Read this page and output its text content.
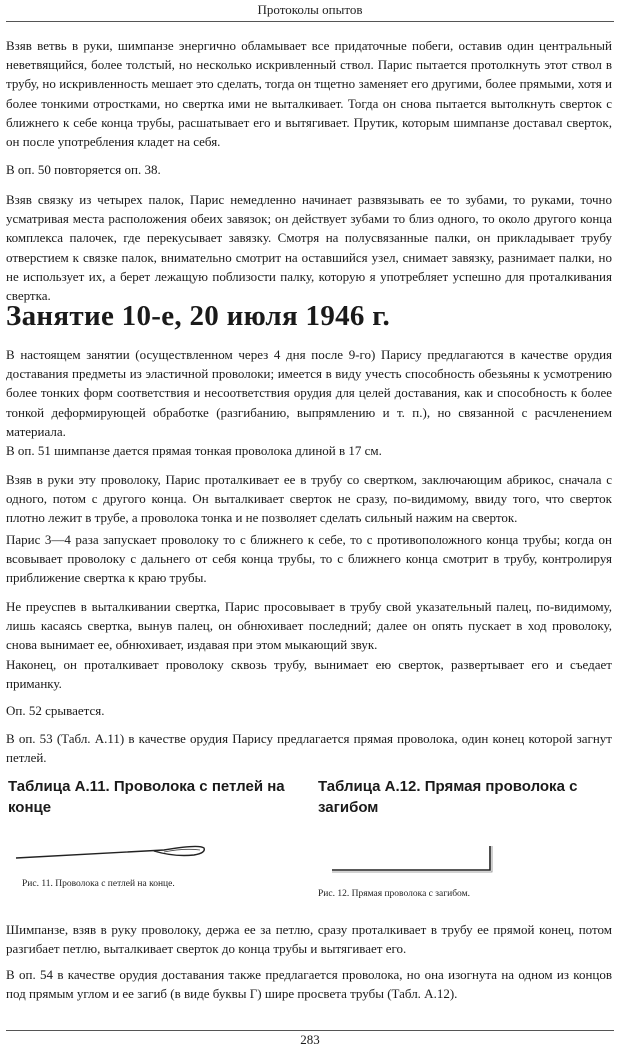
Протоколы опытов

Взяв ветвь в руки, шимпанзе энергично обламывает все придаточные побеги, оставив один центральный неветвящийся, более толстый, но несколько искривленный ствол. Парис пытается протолкнуть этот ствол в трубу, но искривленность мешает это сделать, тогда он тщетно заменяет его другими, более прямыми, хотя и более тонкими отростками, но свертка ими не выталкивает. Тогда он снова пытается вытолкнуть сверток с ближнего к себе конца трубы, расшатывает его и вытягивает. Прутик, которым шимпанзе доставал сверток, он после употребления кладет на себя.

В оп. 50 повторяется оп. 38.

Взяв связку из четырех палок, Парис немедленно начинает развязывать ее то зубами, то руками, точно усматривая места расположения обеих завязок; он действует зубами то близ одного, то около другого конца комплекса палочек, где перекусывает завязку. Смотря на полусвязанные палки, он прикладывает трубу отверстием к связке палок, внимательно смотрит на оставшийся узел, снимает завязку, разнимает палки, но не использует их, а берет лежащую поблизости палку, которую я употребляет успешно для проталкивания свертка.

Занятие 10-е, 20 июля 1946 г.

В настоящем занятии (осуществленном через 4 дня после 9-го) Парису предлагаются в качестве орудия доставания предметы из эластичной проволоки; имеется в виду учесть способность обезьяны к усмотрению более тонких форм соответствия и несоответствия орудия для целей доставания, как и способность к более тонкой деформирующей обработке (разгибанию, выпрямлению и т. п.), но связанной с расчленением материала.

В оп. 51 шимпанзе дается прямая тонкая проволока длиной в 17 см.

Взяв в руки эту проволоку, Парис проталкивает ее в трубу со свертком, заключающим абрикос, сначала с одного, потом с другого конца. Он выталкивает сверток не сразу, по-видимому, ввиду того, что сверток плотно лежит в трубе, а проволока тонка и не позволяет сделать сильный нажим на сверток.

Парис 3—4 раза запускает проволоку то с ближнего к себе, то с противоположного конца трубы; когда он всовывает проволоку с дальнего от себя конца трубы, то с ближнего конца смотрит в трубу, контролируя приближение свертка к краю трубы.

Не преуспев в выталкивании свертка, Парис просовывает в трубу свой указательный палец, по-видимому, лишь касаясь свертка, вынув палец, он обнюхивает последний; далее он опять пускает в ход проволоку, снова вынимает ее, обнюхивает, издавая при этом мыкающий звук.

Наконец, он проталкивает проволоку сквозь трубу, вынимает ею сверток, развертывает его и съедает приманку.

Оп. 52 срывается.

В оп. 53 (Табл. А.11) в качестве орудия Парису предлагается прямая проволока, один конец которой загнут петлей.

Таблица А.11. Проволока с петлей на
конце
Таблица А.12. Прямая проволока с
загибом
Рис. 11. Проволока с петлей на конце.
Рис. 12. Прямая проволока с загибом.

Шимпанзе, взяв в руку проволоку, держа ее за петлю, сразу проталкивает в трубу ее прямой конец, потом разгибает петлю, выталкивает сверток до конца трубы и вытягивает его.

В оп. 54 в качестве орудия доставания также предлагается проволока, но она изогнута на одном из концов под прямым углом и ее загиб (в виде буквы Г) шире просвета трубы (Табл. А.12).

283
